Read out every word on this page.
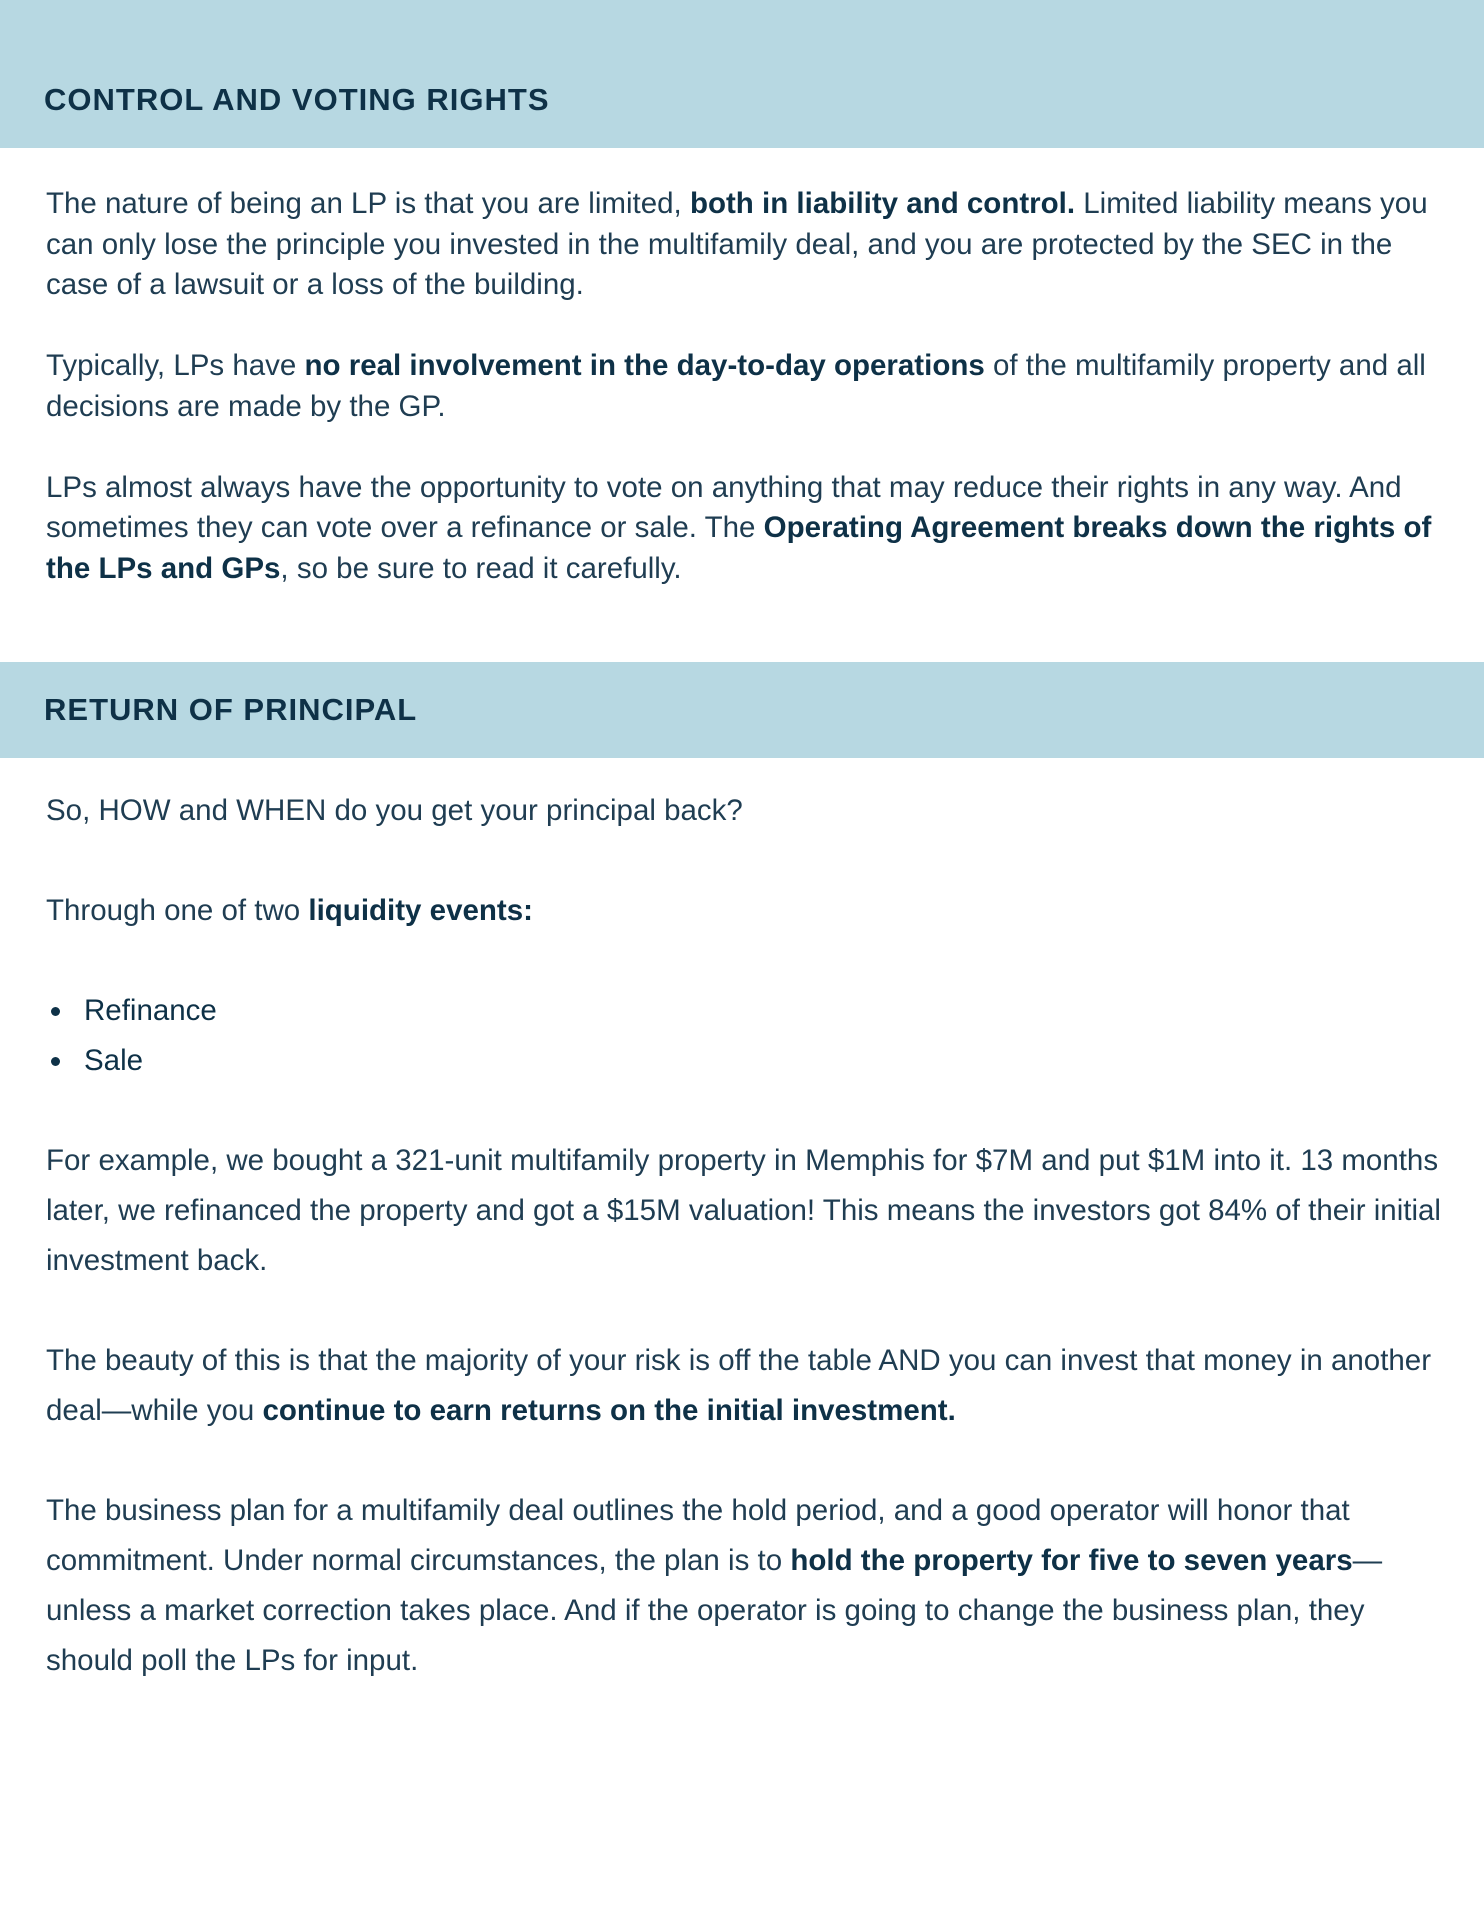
CONTROL AND VOTING RIGHTS

The nature of being an LP is that you are limited, both in liability and control. Limited liability means you can only lose the principle you invested in the multifamily deal, and you are protected by the SEC in the case of a lawsuit or a loss of the building.

Typically, LPs have no real involvement in the day-to-day operations of the multifamily property and all decisions are made by the GP.

LPs almost always have the opportunity to vote on anything that may reduce their rights in any way. And sometimes they can vote over a refinance or sale. The Operating Agreement breaks down the rights of the LPs and GPs, so be sure to read it carefully.

RETURN OF PRINCIPAL

So, HOW and WHEN do you get your principal back?

Through one of two liquidity events:

Refinance
Sale

For example, we bought a 321-unit multifamily property in Memphis for $7M and put $1M into it. 13 months later, we refinanced the property and got a $15M valuation! This means the investors got 84% of their initial investment back.

The beauty of this is that the majority of your risk is off the table AND you can invest that money in another deal—while you continue to earn returns on the initial investment.

The business plan for a multifamily deal outlines the hold period, and a good operator will honor that commitment. Under normal circumstances, the plan is to hold the property for five to seven years—unless a market correction takes place. And if the operator is going to change the business plan, they should poll the LPs for input.
